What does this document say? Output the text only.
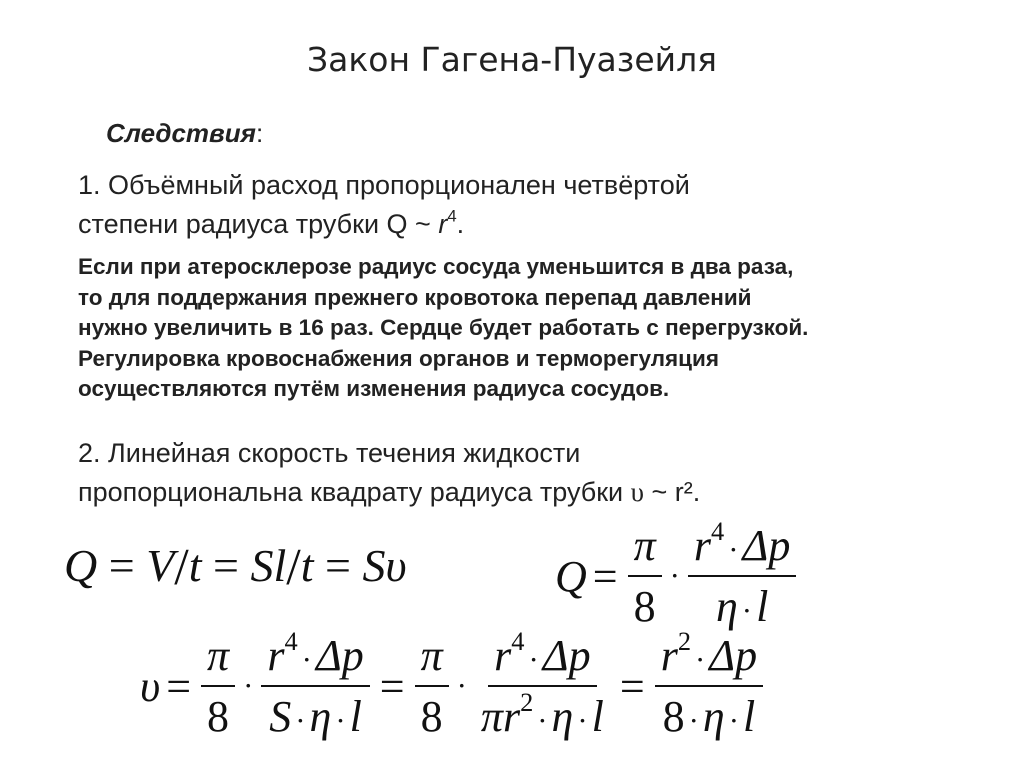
Закон Гагена-Пуазейля
Следствия:
1. Объёмный расход пропорционален четвёртой
степени радиуса трубки Q ~ $r^4$.
Если при атеросклерозе радиус сосуда уменьшится в два раза,
то для поддержания прежнего кровотока перепад давлений
нужно увеличить в 16 раз. Сердце будет работать с перегрузкой.
Регулировка кровоснабжения органов и терморегуляция
осуществляются путём изменения радиуса сосудов.
2. Линейная скорость течения жидкости
пропорциональна квадрату радиуса трубки υ ~ r².
Q = V/t = Sl/t = Sυ	$Q = \frac{\pi}{8} \cdot \frac{r^4\cdot\Delta p}{\eta \cdot l}$
$\upsilon = \frac{\pi}{8} \cdot \frac{r^4\cdot\Delta p}{S \cdot\eta \cdot l} = \frac{\pi}{8} \cdot \frac{r^4\cdot\Delta p}{\pi r^2\cdot\eta \cdot l} = \frac{r^2\cdot\Delta p}{8 \cdot\eta \cdot l}$
